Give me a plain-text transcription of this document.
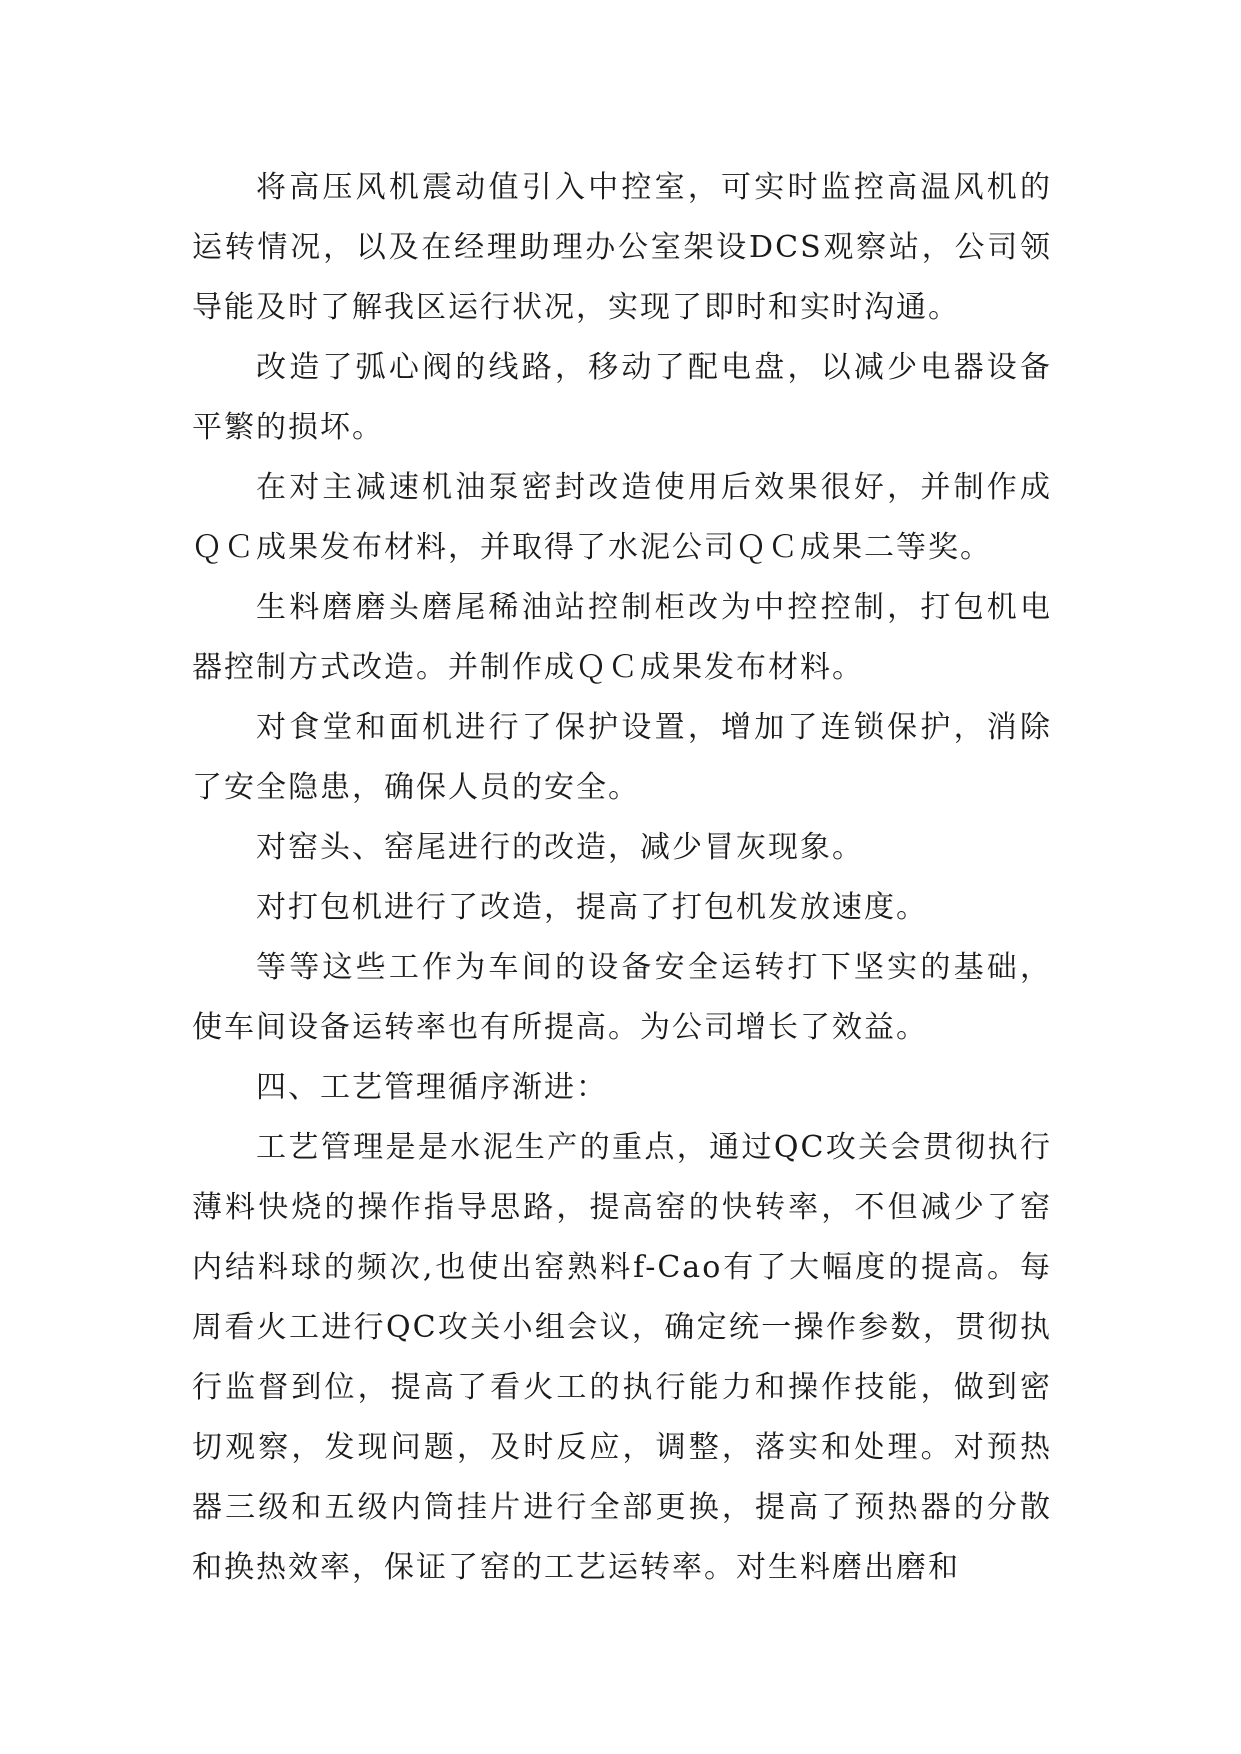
将高压风机震动值引入中控室，可实时监控高温风机的运转情况，以及在经理助理办公室架设DCS观察站，公司领导能及时了解我区运行状况，实现了即时和实时沟通。

改造了弧心阀的线路，移动了配电盘，以减少电器设备平繁的损坏。

在对主减速机油泵密封改造使用后效果很好，并制作成ＱＣ成果发布材料，并取得了水泥公司ＱＣ成果二等奖。

生料磨磨头磨尾稀油站控制柜改为中控控制，打包机电器控制方式改造。并制作成ＱＣ成果发布材料。

对食堂和面机进行了保护设置，增加了连锁保护，消除了安全隐患，确保人员的安全。

对窑头、窑尾进行的改造，减少冒灰现象。

对打包机进行了改造，提高了打包机发放速度。

等等这些工作为车间的设备安全运转打下坚实的基础，使车间设备运转率也有所提高。为公司增长了效益。

四、工艺管理循序渐进：

工艺管理是是水泥生产的重点，通过QC攻关会贯彻执行薄料快烧的操作指导思路，提高窑的快转率，不但减少了窑内结料球的频次,也使出窑熟料f-Cao有了大幅度的提高。每周看火工进行QC攻关小组会议，确定统一操作参数，贯彻执行监督到位，提高了看火工的执行能力和操作技能，做到密切观察，发现问题，及时反应，调整，落实和处理。对预热器三级和五级内筒挂片进行全部更换，提高了预热器的分散和换热效率，保证了窑的工艺运转率。对生料磨出磨和
